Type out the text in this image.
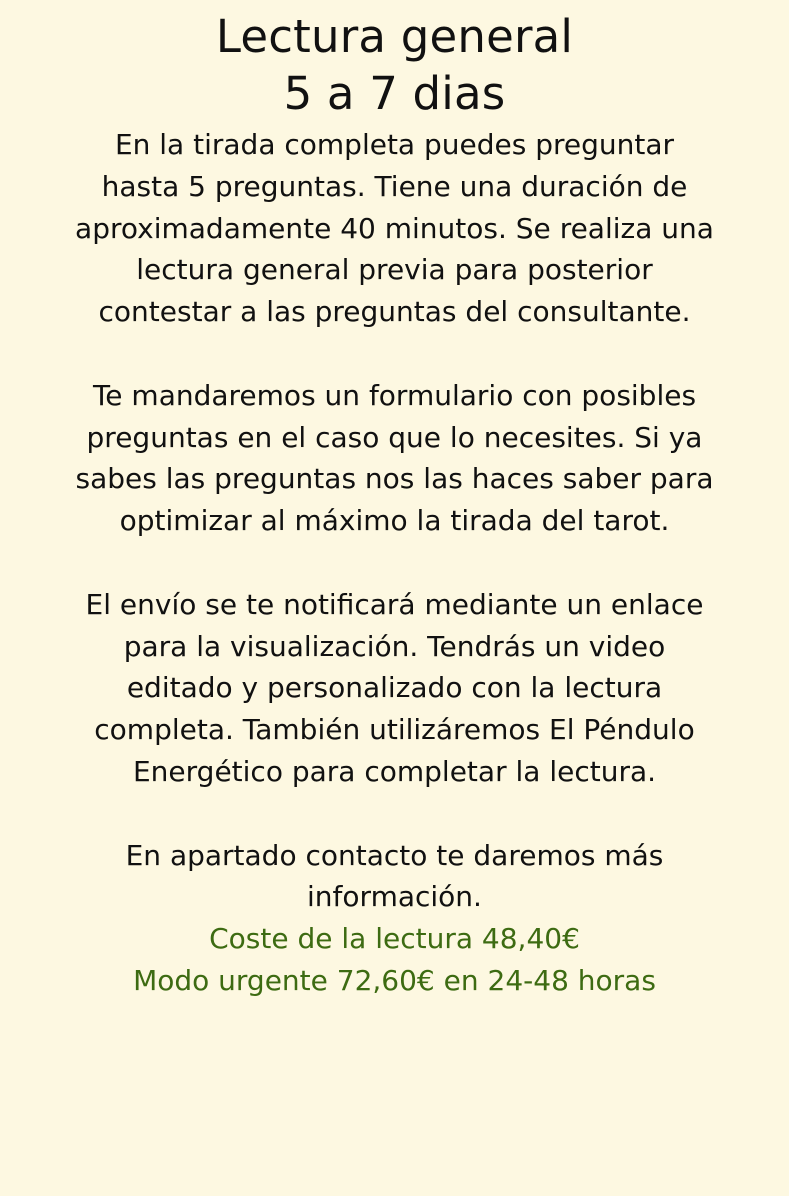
Lectura general
5 a 7 dias

En la tirada completa puedes preguntar hasta 5 preguntas. Tiene una duración de aproximadamente 40 minutos. Se realiza una lectura general previa para posterior contestar a las preguntas del consultante.

Te mandaremos un formulario con posibles preguntas en el caso que lo necesites. Si ya sabes las preguntas nos las haces saber para optimizar al máximo la tirada del tarot.

El envío se te notificará mediante un enlace para la visualización. Tendrás un video editado y personalizado con la lectura completa. También utilizáremos El Péndulo Energético para completar la lectura.

En apartado contacto te daremos más información.

Coste de la lectura 48,40€
Modo urgente 72,60€ en 24-48 horas
